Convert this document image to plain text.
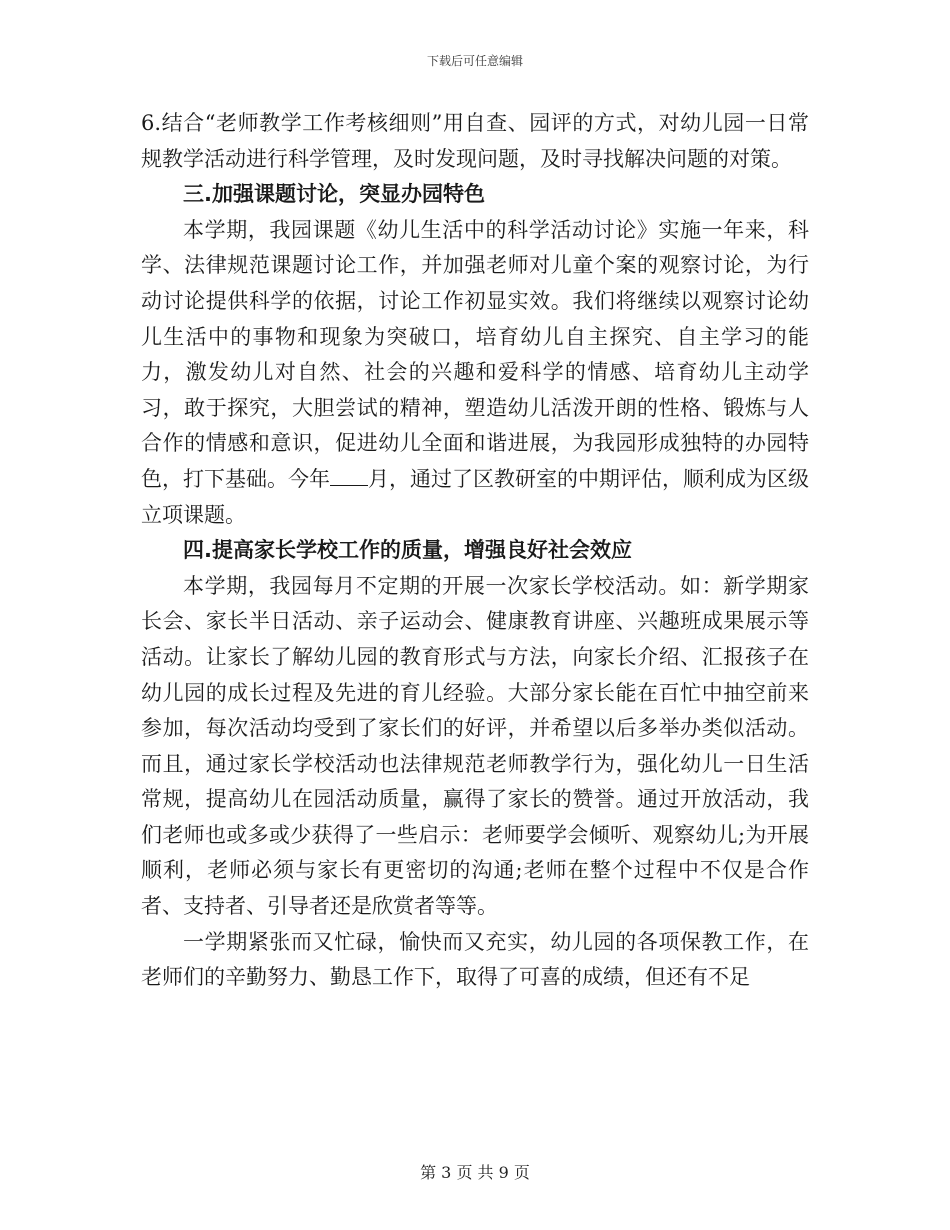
下载后可任意编辑

6.结合“老师教学工作考核细则”用自查、园评的方式，对幼儿园一日常规教学活动进行科学管理，及时发现问题，及时寻找解决问题的对策。

三.加强课题讨论，突显办园特色

本学期，我园课题《幼儿生活中的科学活动讨论》实施一年来，科学、法律规范课题讨论工作，并加强老师对儿童个案的观察讨论，为行动讨论提供科学的依据，讨论工作初显实效。我们将继续以观察讨论幼儿生活中的事物和现象为突破口，培育幼儿自主探究、自主学习的能力，激发幼儿对自然、社会的兴趣和爱科学的情感、培育幼儿主动学习，敢于探究，大胆尝试的精神，塑造幼儿活泼开朗的性格、锻炼与人合作的情感和意识，促进幼儿全面和谐进展，为我园形成独特的办园特色，打下基础。今年 月，通过了区教研室的中期评估，顺利成为区级立项课题。

四.提高家长学校工作的质量，增强良好社会效应

本学期，我园每月不定期的开展一次家长学校活动。如：新学期家长会、家长半日活动、亲子运动会、健康教育讲座、兴趣班成果展示等活动。让家长了解幼儿园的教育形式与方法，向家长介绍、汇报孩子在幼儿园的成长过程及先进的育儿经验。大部分家长能在百忙中抽空前来参加，每次活动均受到了家长们的好评，并希望以后多举办类似活动。而且，通过家长学校活动也法律规范老师教学行为，强化幼儿一日生活常规，提高幼儿在园活动质量，赢得了家长的赞誉。通过开放活动，我们老师也或多或少获得了一些启示：老师要学会倾听、观察幼儿;为开展顺利，老师必须与家长有更密切的沟通;老师在整个过程中不仅是合作者、支持者、引导者还是欣赏者等等。

一学期紧张而又忙碌，愉快而又充实，幼儿园的各项保教工作，在老师们的辛勤努力、勤恳工作下，取得了可喜的成绩，但还有不足

第 3 页 共 9 页
